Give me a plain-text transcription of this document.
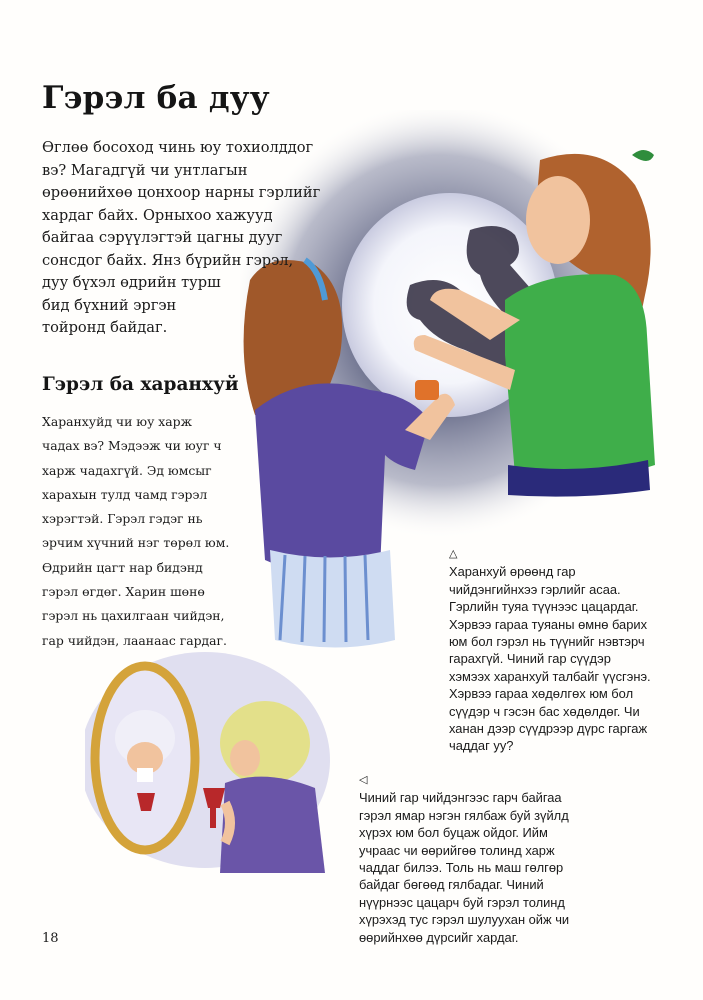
Гэрэл ба дуу
Өглөө босоход чинь юу тохиолддог
вэ? Магадгүй чи унтлагын
өрөөнийхөө цонхоор нарны гэрлийг
хардаг байх. Орныхоо хажууд
байгаа сэрүүлэгтэй цагны дууг
сонсдог байх. Янз бүрийн гэрэл,
дуу бүхэл өдрийн турш
бид бүхний эргэн
тойронд байдаг.
Гэрэл ба харанхуй
Харанхуйд чи юу харж
чадах вэ? Мэдээж чи юуг ч
харж чадахгүй. Эд юмсыг
харахын тулд чамд гэрэл
хэрэгтэй. Гэрэл гэдэг нь
эрчим хүчний нэг төрөл юм.
Өдрийн цагт нар бидэнд
гэрэл өгдөг. Харин шөнө
гэрэл нь цахилгаан чийдэн,
гар чийдэн, лаанаас гардаг.
△
Харанхуй өрөөнд гар
чийдэнгийнхээ гэрлийг асаа.
Гэрлийн туяа түүнээс цацардаг.
Хэрвээ гараа туяаны өмнө барих
юм бол гэрэл нь түүнийг нэвтэрч
гарахгүй. Чиний гар сүүдэр
хэмээх харанхуй талбайг үүсгэнэ.
Хэрвээ гараа хөдөлгөх юм бол
сүүдэр ч гэсэн бас хөдөлдөг. Чи
ханан дээр сүүдрээр дүрс гаргаж
чаддаг уу?
◁
Чиний гар чийдэнгээс гарч байгаа
гэрэл ямар нэгэн гялбаж буй зүйлд
хүрэх юм бол буцаж ойдог. Ийм
учраас чи өөрийгөө толинд харж
чаддаг билээ. Толь нь маш гөлгөр
байдаг бөгөөд гялбадаг. Чиний
нүүрнээс цацарч буй гэрэл толинд
хүрэхэд тус гэрэл шулуухан ойж чи
өөрийнхөө дүрсийг хардаг.
18
